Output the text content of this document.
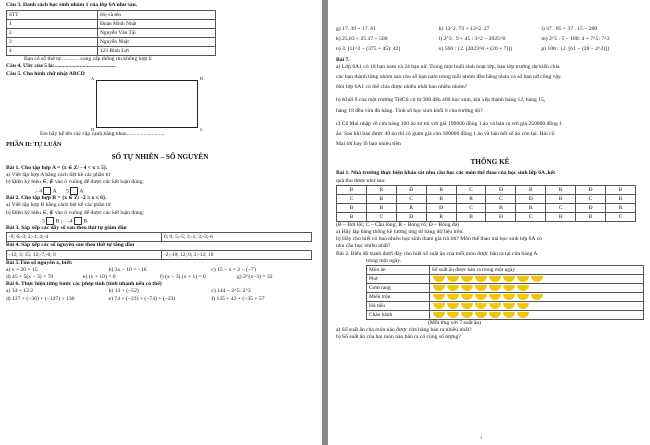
Câu 3. Danh sách học sinh nhóm 1 của lớp 6A như sau.
STT	Họ và tên
1	Đoàn Minh Nhật
2	Nguyễn Văn Tài
3	Nguyễn Nhật
4	123 Bình Lợi
Bạn có số thứ tự............. cung cấp thông tin không hợp lí
Câu 4. Ước của 5 là:............................................
Câu 5. Cho hình chữ nhật ABCD
A	B
D	C
Em hãy kể tên các cặp cạnh bằng nhau...........................
PHẦN II: TỰ LUẬN
SỐ TỰ NHIÊN – SỐ NGUYÊN
Bài 1. Cho tập hợp A = {x ∈ Z/ - 4 < x ≤ 5}.
a) Viết tập hợp A bằng cách liệt kê các phần tử
b) Điền ký hiệu ∈, ∉ vào ô vuông để được các kết luận đúng:
- 4 A 5 A
Bài 2. Cho tập hợp B = {x ∈ Z: -2 ≤ x ≤ 6}.
a) Viết tập hợp B bằng cách liệt kê các phần tử
b) Điền ký hiệu ∈, ∉ vào ô vuông để được các kết luận đúng:
5 B ; -4 B
Bài 3. Sắp xếp các dãy số sau theo thứ tự giảm dần
-9; 6;-3; 2;-1; 4;-4	6; 0; 5;-5; 1;-1; 3;-3;-6
Bài 4. Sắp xếp các số nguyên sau theo thứ tự tăng dần
-12; 3; 15; 12;-7;-6; 0	-2;-10; 12; 0; 2;-12; 10
Bài 5.Tìm số nguyên x, biết:
a) x + 20 = 15	b) 3x − 10 = −16	c) 15 − x = 2 − (−7)
d) 45 + 5(x − 3) = 70	e) (x + 10) = 0	f) (x − 3).(x + 1) = 0	g) 2^(x−3) = 32
Bài 6. Thực hiện từng bước các phép tính (tính nhanh nếu có thể)
a) 34 + 12.2	b) 13 + (−52)	c) 144 − 2^5. 2^3
d) 127 + (−36) + (−127) + 136	e) 74 + (−23) + (−74) + (−23)	f) 135 + 43 + (−35 + 57
g) 17. 39 + 17. 61	h) 13^2. 73 + 13^2. 27	i) 37 . 85 + 37 . 15 − 200
k) 25.83 + 25.17 − 500	l) 2^3 . 9 + 45 : 3^2 − 2025^0	m) 2^5 . 5 − 100: 4 + 7^5: 7^3
n) 3. [11^2 − (375 + 45): 42]	o) 560 : {2. [2023^0 + (20 + 7)]}	p) 100 : {2. [61 − (28 − 2^3)]}
Bài 7.
a) Lớp 6A1 có 18 bạn nam và 24 bạn nữ. Trong một buổi sinh hoạt lớp, bạn lớp trưởng dự kiến chia
các bạn thành từng nhóm sao cho số bạn nam trong mỗi nhóm đều bằng nhau và số bạn nữ cũng vậy.
Hỏi lớp 6A1 có thể chia được nhiều nhất bao nhiêu nhóm?
b) Khối 6 của một trường THCS có từ 300 đến 400 học sinh, khi xếp thành hàng 12, hàng 15,
hàng 18 đều vừa đủ hàng. Tính số học sinh khối 6 của trường đó?
c) Cô Mai nhập về cửa hàng 100 áo sơ mi với giá 190000 đồng 1 áo và bán ra với giá 250000 đồng 1
áo. Sau khi bán được 40 áo thì cô giảm giá còn 180000 đồng 1 áo và bán hết số áo còn lại. Hỏi cô
Mai lời hay lỗ bao nhiêu tiền
THỐNG KÊ
Bài 1. Nhà trường thực hiện khảo sát nhu cầu học các môn thể thao của học sinh lớp 6A ,kết
quả thu được như sau:
B	R	Đ	B	C	Đ	B	R	Đ	B
C	B	C	B	R	C	Đ	B	C	B
Đ	B	R	Đ	C	B	R	C	Đ	R
B	C	Đ	R	B	Đ	C	R	B	C
(B – Bơi lội; C – Cầu lông; R – Bóng rổ; Đ – Bóng đá)
a) Hãy lập bảng thống kê tương ứng từ bảng dữ liệu trên.
b) Hãy cho biết có bao nhiêu học sinh tham gia trả lời? Môn thể thao mà học sinh lớp 6A có
nhu cầu học nhiều nhất?
Bài 2. Biểu đồ tranh dưới đây cho biết số suất ăn của mỗi món được bán ra tại cửa hàng A
trong một ngày.
Món ăn	Số suất ăn được bán ra trong một ngày
Phở	
Cơm rang	
Miến trộn	
Hủ tiếu	
Cháo hành	
(Mỗi ứng với 7 suất ăn)
a) Số suất ăn của món nào được cửa hàng bán ra nhiều nhất?
b) Số suất ăn của hai món nào bán ra có cùng số lượng?
4
